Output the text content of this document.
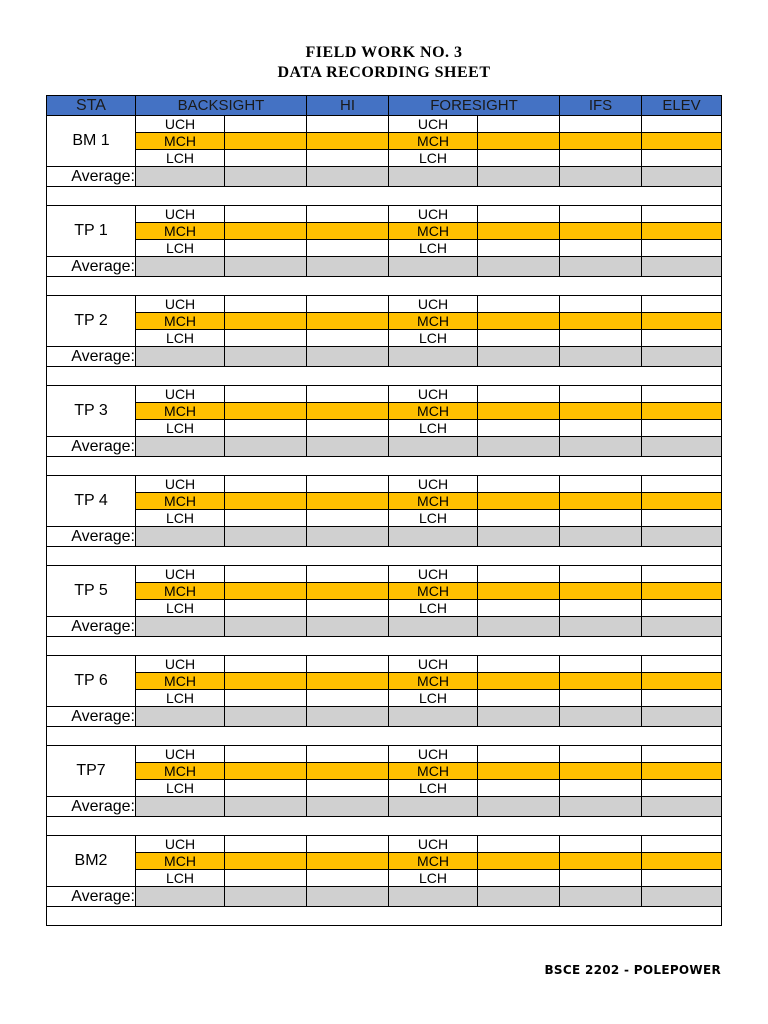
FIELD WORK NO. 3
DATA RECORDING SHEET
STA	BACKSIGHT		HI	FORESIGHT		IFS	ELEV
BM 1	UCH			UCH			
	MCH			MCH			
	LCH			LCH			
Average:							

TP 1	UCH			UCH			
	MCH			MCH			
	LCH			LCH			
Average:							

TP 2	UCH			UCH			
	MCH			MCH			
	LCH			LCH			
Average:							

TP 3	UCH			UCH			
	MCH			MCH			
	LCH			LCH			
Average:							

TP 4	UCH			UCH			
	MCH			MCH			
	LCH			LCH			
Average:							

TP 5	UCH			UCH			
	MCH			MCH			
	LCH			LCH			
Average:							

TP 6	UCH			UCH			
	MCH			MCH			
	LCH			LCH			
Average:							

TP7	UCH			UCH			
	MCH			MCH			
	LCH			LCH			
Average:							

BM2	UCH			UCH			
	MCH			MCH			
	LCH			LCH			
Average:							

BSCE 2202 - POLEPOWER
